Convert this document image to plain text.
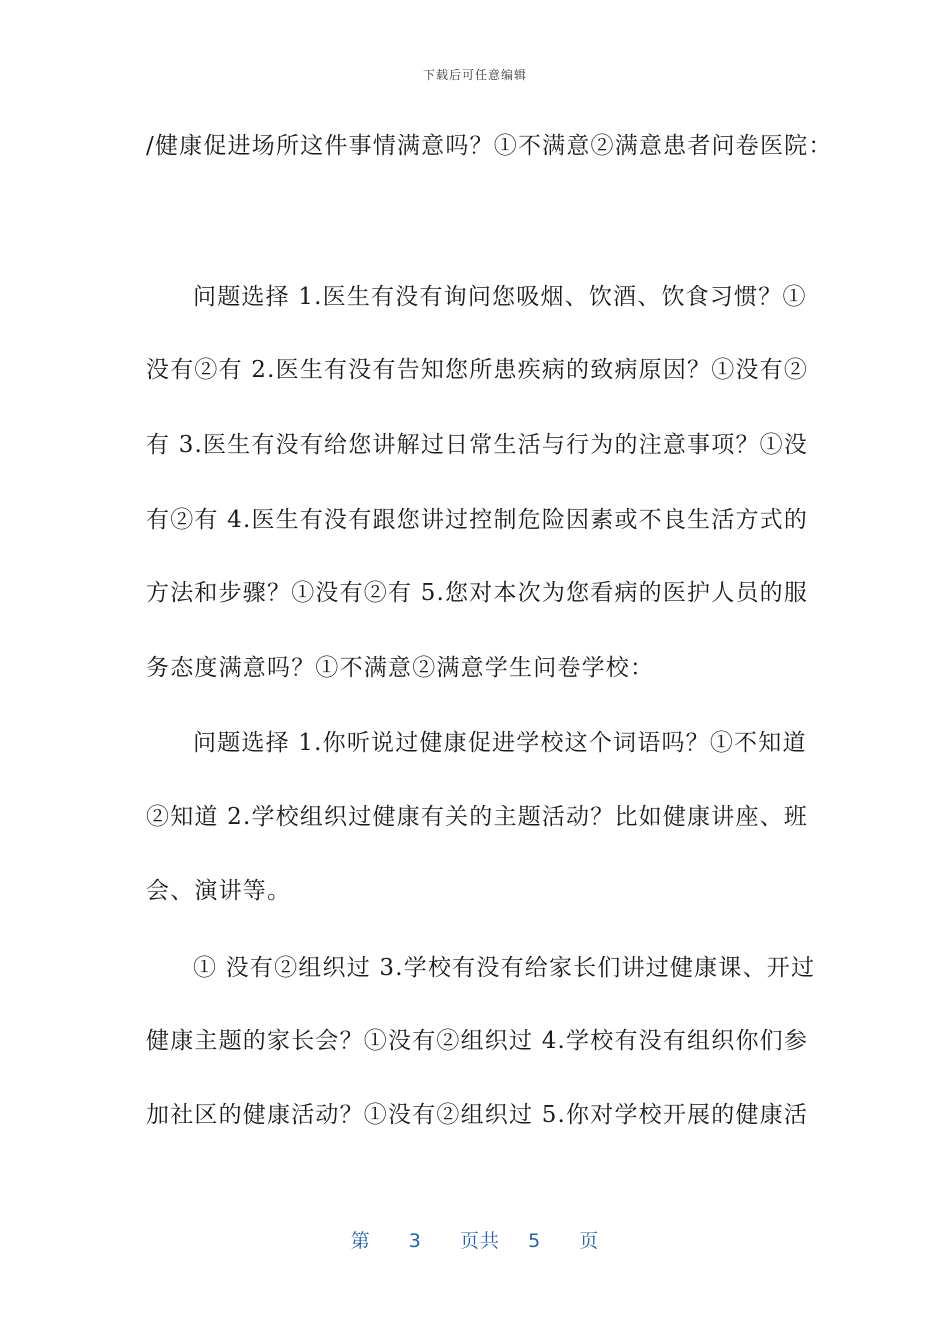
下载后可任意编辑
/健康促进场所这件事情满意吗？①不满意②满意患者问卷医院：
问题选择 1.医生有没有询问您吸烟、饮酒、饮食习惯？①
没有②有 2.医生有没有告知您所患疾病的致病原因？①没有②
有 3.医生有没有给您讲解过日常生活与行为的注意事项？①没
有②有 4.医生有没有跟您讲过控制危险因素或不良生活方式的
方法和步骤？①没有②有 5.您对本次为您看病的医护人员的服
务态度满意吗？①不满意②满意学生问卷学校：
问题选择 1.你听说过健康促进学校这个词语吗？①不知道
②知道 2.学校组织过健康有关的主题活动？比如健康讲座、班
会、演讲等。
① 没有②组织过 3.学校有没有给家长们讲过健康课、开过
健康主题的家长会？①没有②组织过 4.学校有没有组织你们参
加社区的健康活动？①没有②组织过 5.你对学校开展的健康活
第 3 页共 5 页
